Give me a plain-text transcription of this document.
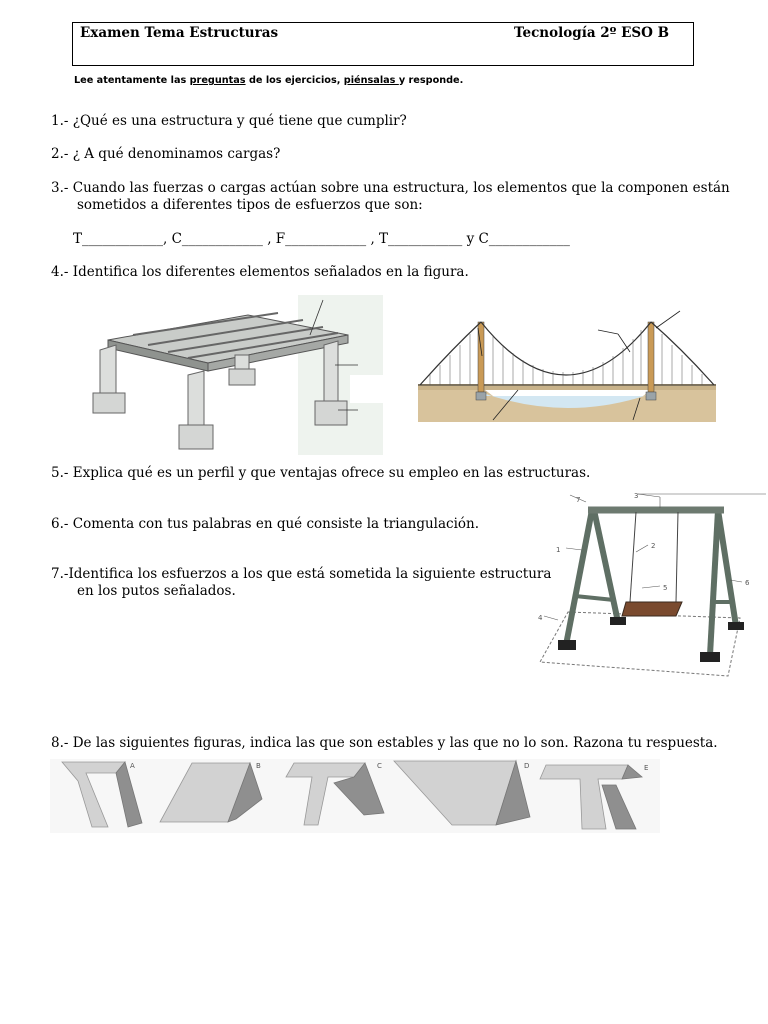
Examen Tema Estructuras	Tecnología 2º ESO B
Lee atentamente las preguntas de los ejercicios, piénsalas y responde.
1.- ¿Qué es una estructura y qué tiene que cumplir?
2.- ¿ A qué denominamos cargas?
3.- Cuando las fuerzas o cargas actúan sobre una estructura, los elementos que la componen están
sometidos a diferentes tipos de esfuerzos que son:
T____________, C____________ , F____________ , T___________ y C____________
4.- Identifica los diferentes elementos señalados en la figura.
5.- Explica qué es un perfil y que ventajas ofrece su empleo en las estructuras.
6.- Comenta con tus palabras en qué consiste la triangulación.
7.-Identifica los esfuerzos a los que está sometida la siguiente estructura
en los putos señalados.
1	2
3
4
5
6
7
8.- De las siguientes figuras, indica las que son estables y las que no lo son. Razona tu respuesta.
A	B	C	D	E
